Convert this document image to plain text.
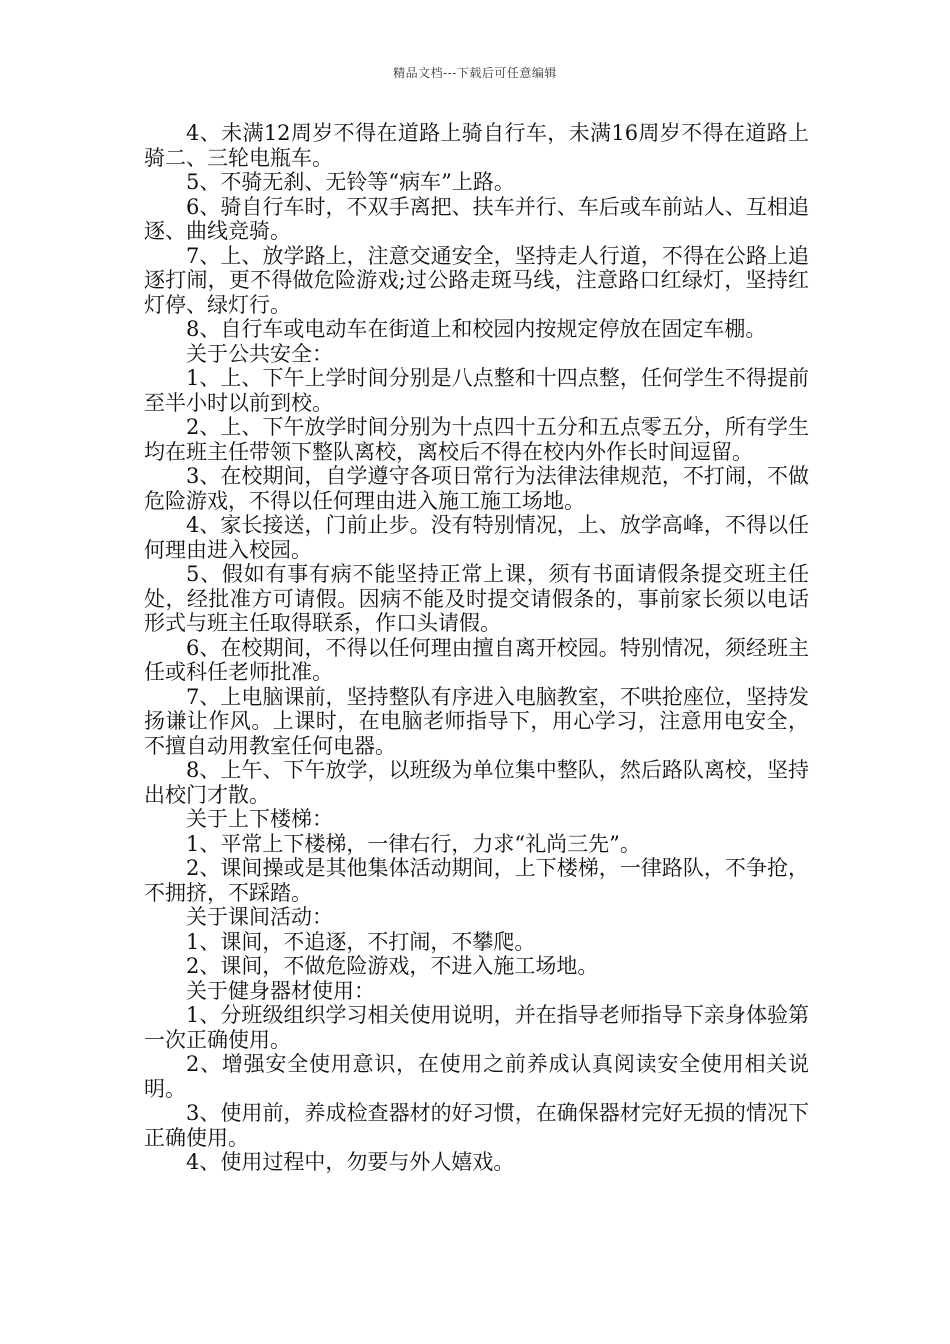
精品文档---下载后可任意编辑

4、未满12周岁不得在道路上骑自行车，未满16周岁不得在道路上骑二、三轮电瓶车。

5、不骑无刹、无铃等“病车”上路。

6、骑自行车时，不双手离把、扶车并行、车后或车前站人、互相追逐、曲线竞骑。

7、上、放学路上，注意交通安全，坚持走人行道，不得在公路上追逐打闹，更不得做危险游戏;过公路走斑马线，注意路口红绿灯，坚持红灯停、绿灯行。

8、自行车或电动车在街道上和校园内按规定停放在固定车棚。

关于公共安全：

1、上、下午上学时间分别是八点整和十四点整，任何学生不得提前至半小时以前到校。

2、上、下午放学时间分别为十点四十五分和五点零五分，所有学生均在班主任带领下整队离校，离校后不得在校内外作长时间逗留。

3、在校期间，自学遵守各项日常行为法律法律规范，不打闹，不做危险游戏，不得以任何理由进入施工施工场地。

4、家长接送，门前止步。没有特别情况，上、放学高峰，不得以任何理由进入校园。

5、假如有事有病不能坚持正常上课，须有书面请假条提交班主任处，经批准方可请假。因病不能及时提交请假条的，事前家长须以电话形式与班主任取得联系，作口头请假。

6、在校期间，不得以任何理由擅自离开校园。特别情况，须经班主任或科任老师批准。

7、上电脑课前，坚持整队有序进入电脑教室，不哄抢座位，坚持发扬谦让作风。上课时，在电脑老师指导下，用心学习，注意用电安全，不擅自动用教室任何电器。

8、上午、下午放学，以班级为单位集中整队，然后路队离校，坚持出校门才散。

关于上下楼梯：

1、平常上下楼梯，一律右行，力求“礼尚三先”。

2、课间操或是其他集体活动期间，上下楼梯，一律路队，不争抢，不拥挤，不踩踏。

关于课间活动：

1、课间，不追逐，不打闹，不攀爬。

2、课间，不做危险游戏，不进入施工场地。

关于健身器材使用：

1、分班级组织学习相关使用说明，并在指导老师指导下亲身体验第一次正确使用。

2、增强安全使用意识，在使用之前养成认真阅读安全使用相关说明。

3、使用前，养成检查器材的好习惯，在确保器材完好无损的情况下正确使用。

4、使用过程中，勿要与外人嬉戏。
